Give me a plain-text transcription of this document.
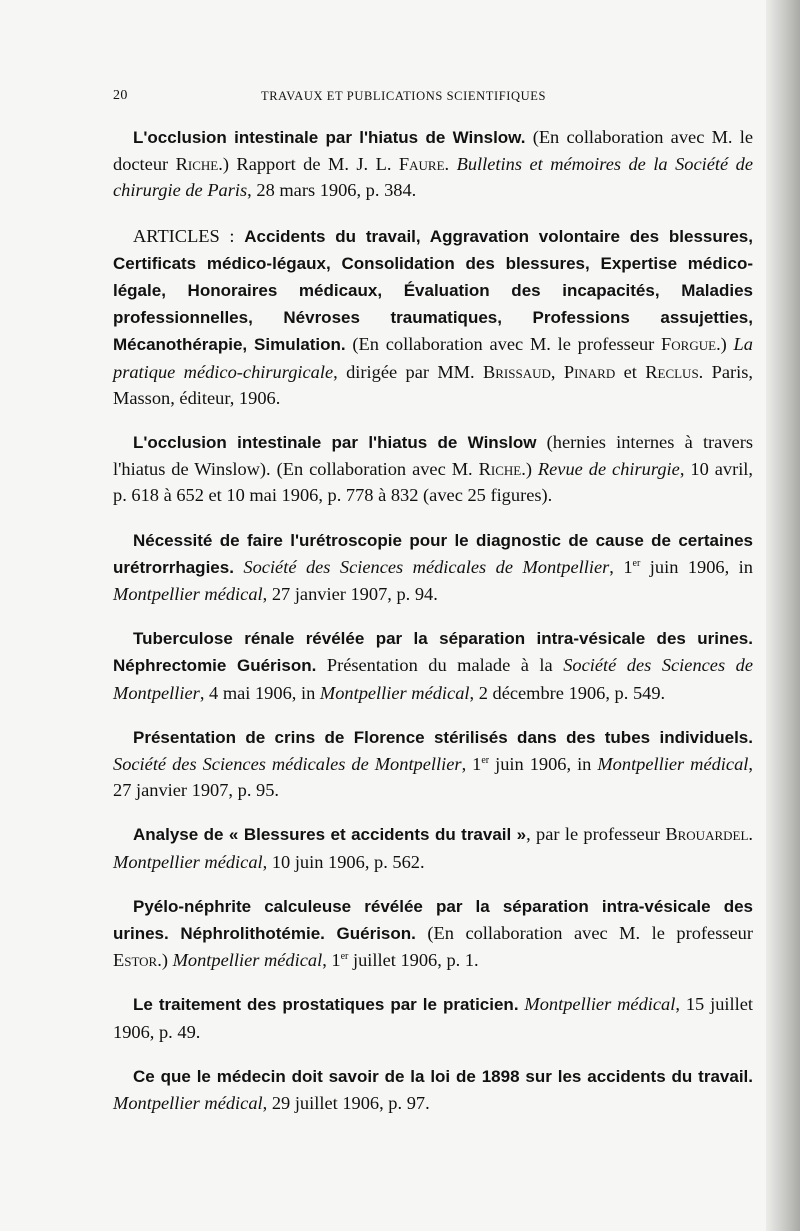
20	TRAVAUX ET PUBLICATIONS SCIENTIFIQUES

L'occlusion intestinale par l'hiatus de Winslow. (En collaboration avec M. le docteur Riche.) Rapport de M. J. L. Faure. Bulletins et mémoires de la Société de chirurgie de Paris, 28 mars 1906, p. 384.

ARTICLES : Accidents du travail, Aggravation volontaire des blessures, Certificats médico-légaux, Consolidation des blessures, Expertise médico-légale, Honoraires médicaux, Évaluation des incapacités, Maladies professionnelles, Névroses traumatiques, Professions assujetties, Mécanothérapie, Simulation. (En collaboration avec M. le professeur Forgue.) La pratique médico-chirurgicale, dirigée par MM. Brissaud, Pinard et Reclus. Paris, Masson, éditeur, 1906.

L'occlusion intestinale par l'hiatus de Winslow (hernies internes à travers l'hiatus de Winslow). (En collaboration avec M. Riche.) Revue de chirurgie, 10 avril, p. 618 à 652 et 10 mai 1906, p. 778 à 832 (avec 25 figures).

Nécessité de faire l'urétroscopie pour le diagnostic de cause de certaines urétrorrhagies. Société des Sciences médicales de Montpellier, 1er juin 1906, in Montpellier médical, 27 janvier 1907, p. 94.

Tuberculose rénale révélée par la séparation intra-vésicale des urines. Néphrectomie Guérison. Présentation du malade à la Société des Sciences de Montpellier, 4 mai 1906, in Montpellier médical, 2 décembre 1906, p. 549.

Présentation de crins de Florence stérilisés dans des tubes individuels. Société des Sciences médicales de Montpellier, 1er juin 1906, in Montpellier médical, 27 janvier 1907, p. 95.

Analyse de « Blessures et accidents du travail », par le professeur Brouardel. Montpellier médical, 10 juin 1906, p. 562.

Pyélo-néphrite calculeuse révélée par la séparation intra-vésicale des urines. Néphrolithotémie. Guérison. (En collaboration avec M. le professeur Estor.) Montpellier médical, 1er juillet 1906, p. 1.

Le traitement des prostatiques par le praticien. Montpellier médical, 15 juillet 1906, p. 49.

Ce que le médecin doit savoir de la loi de 1898 sur les accidents du travail. Montpellier médical, 29 juillet 1906, p. 97.
